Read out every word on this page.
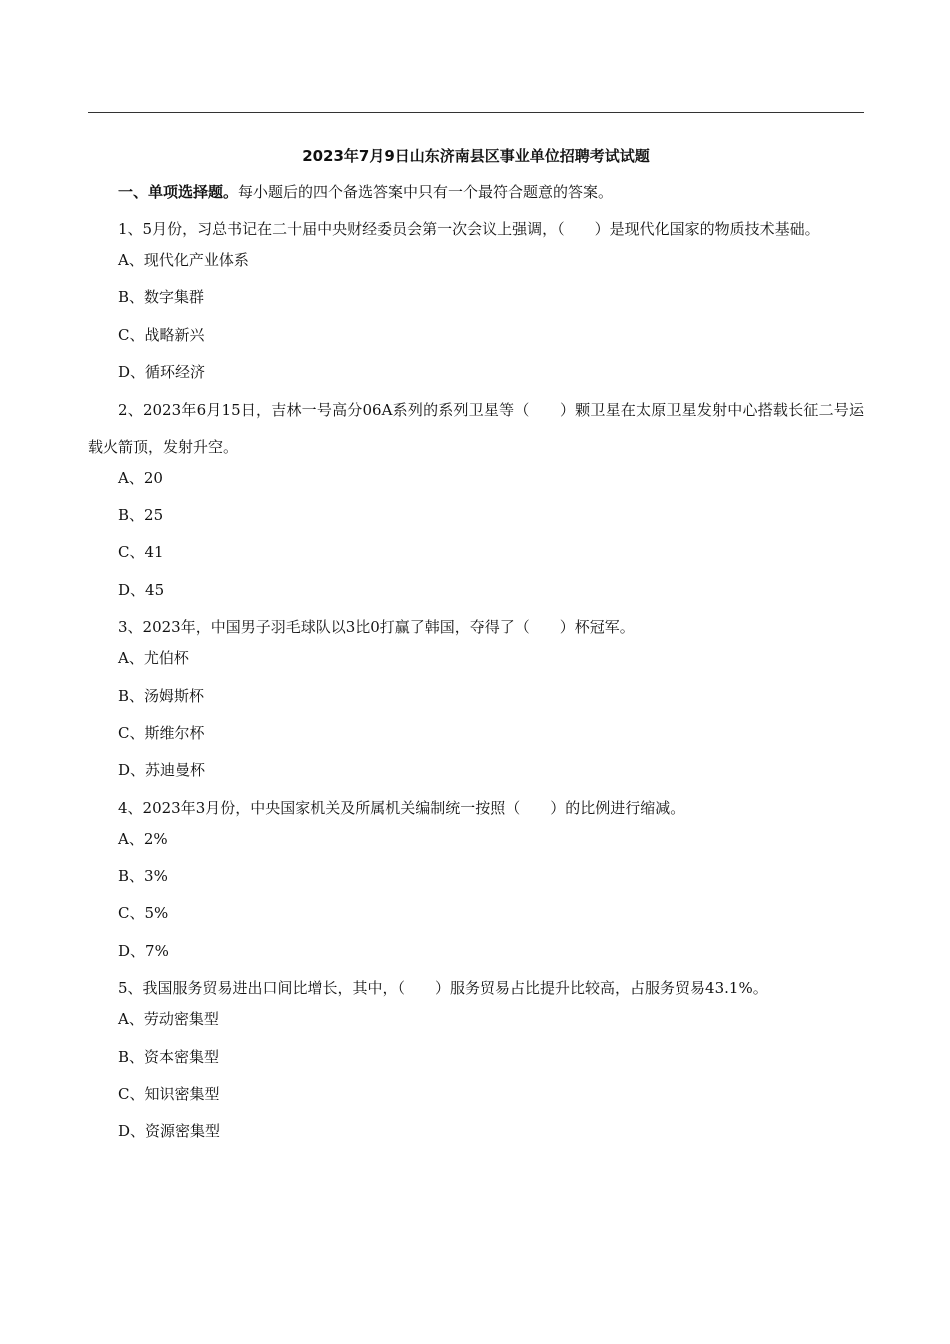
2023年7月9日山东济南县区事业单位招聘考试试题
一、单项选择题。每小题后的四个备选答案中只有一个最符合题意的答案。

1、5月份，习总书记在二十届中央财经委员会第一次会议上强调，（　　）是现代化国家的物质技术基础。

A、现代化产业体系
B、数字集群
C、战略新兴
D、循环经济

2、2023年6月15日，吉林一号高分06A系列的系列卫星等（　　）颗卫星在太原卫星发射中心搭载长征二号运载火箭顶，发射升空。

A、20
B、25
C、41
D、45

3、2023年，中国男子羽毛球队以3比0打赢了韩国，夺得了（　　）杯冠军。

A、尤伯杯
B、汤姆斯杯
C、斯维尔杯
D、苏迪曼杯

4、2023年3月份，中央国家机关及所属机关编制统一按照（　　）的比例进行缩减。

A、2%
B、3%
C、5%
D、7%

5、我国服务贸易进出口间比增长，其中，（　　）服务贸易占比提升比较高，占服务贸易43.1%。

A、劳动密集型
B、资本密集型
C、知识密集型
D、资源密集型
